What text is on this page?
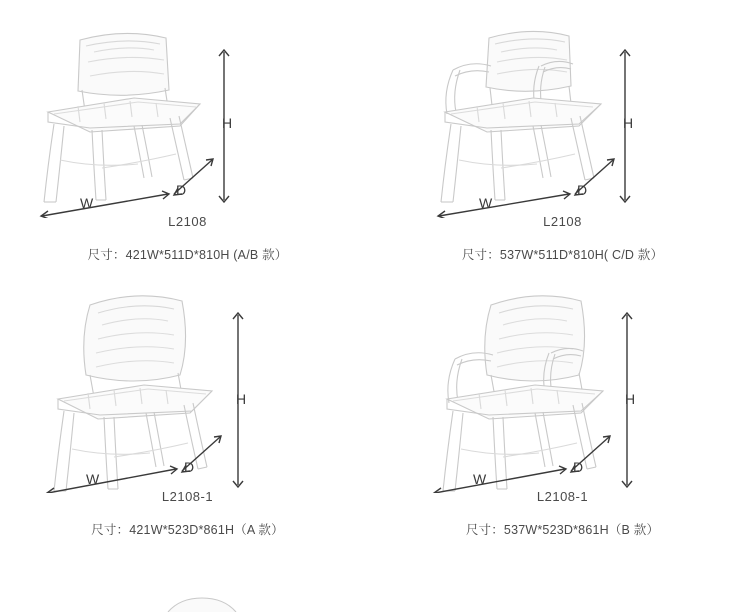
H
W
D
L2108
尺寸：421W*511D*810H (A/B 款）
H
W
D
L2108
尺寸：537W*511D*810H( C/D 款）
H
W
D
L2108-1
尺寸：421W*523D*861H（A 款）
H
W
D
L2108-1
尺寸：537W*523D*861H（B 款）
